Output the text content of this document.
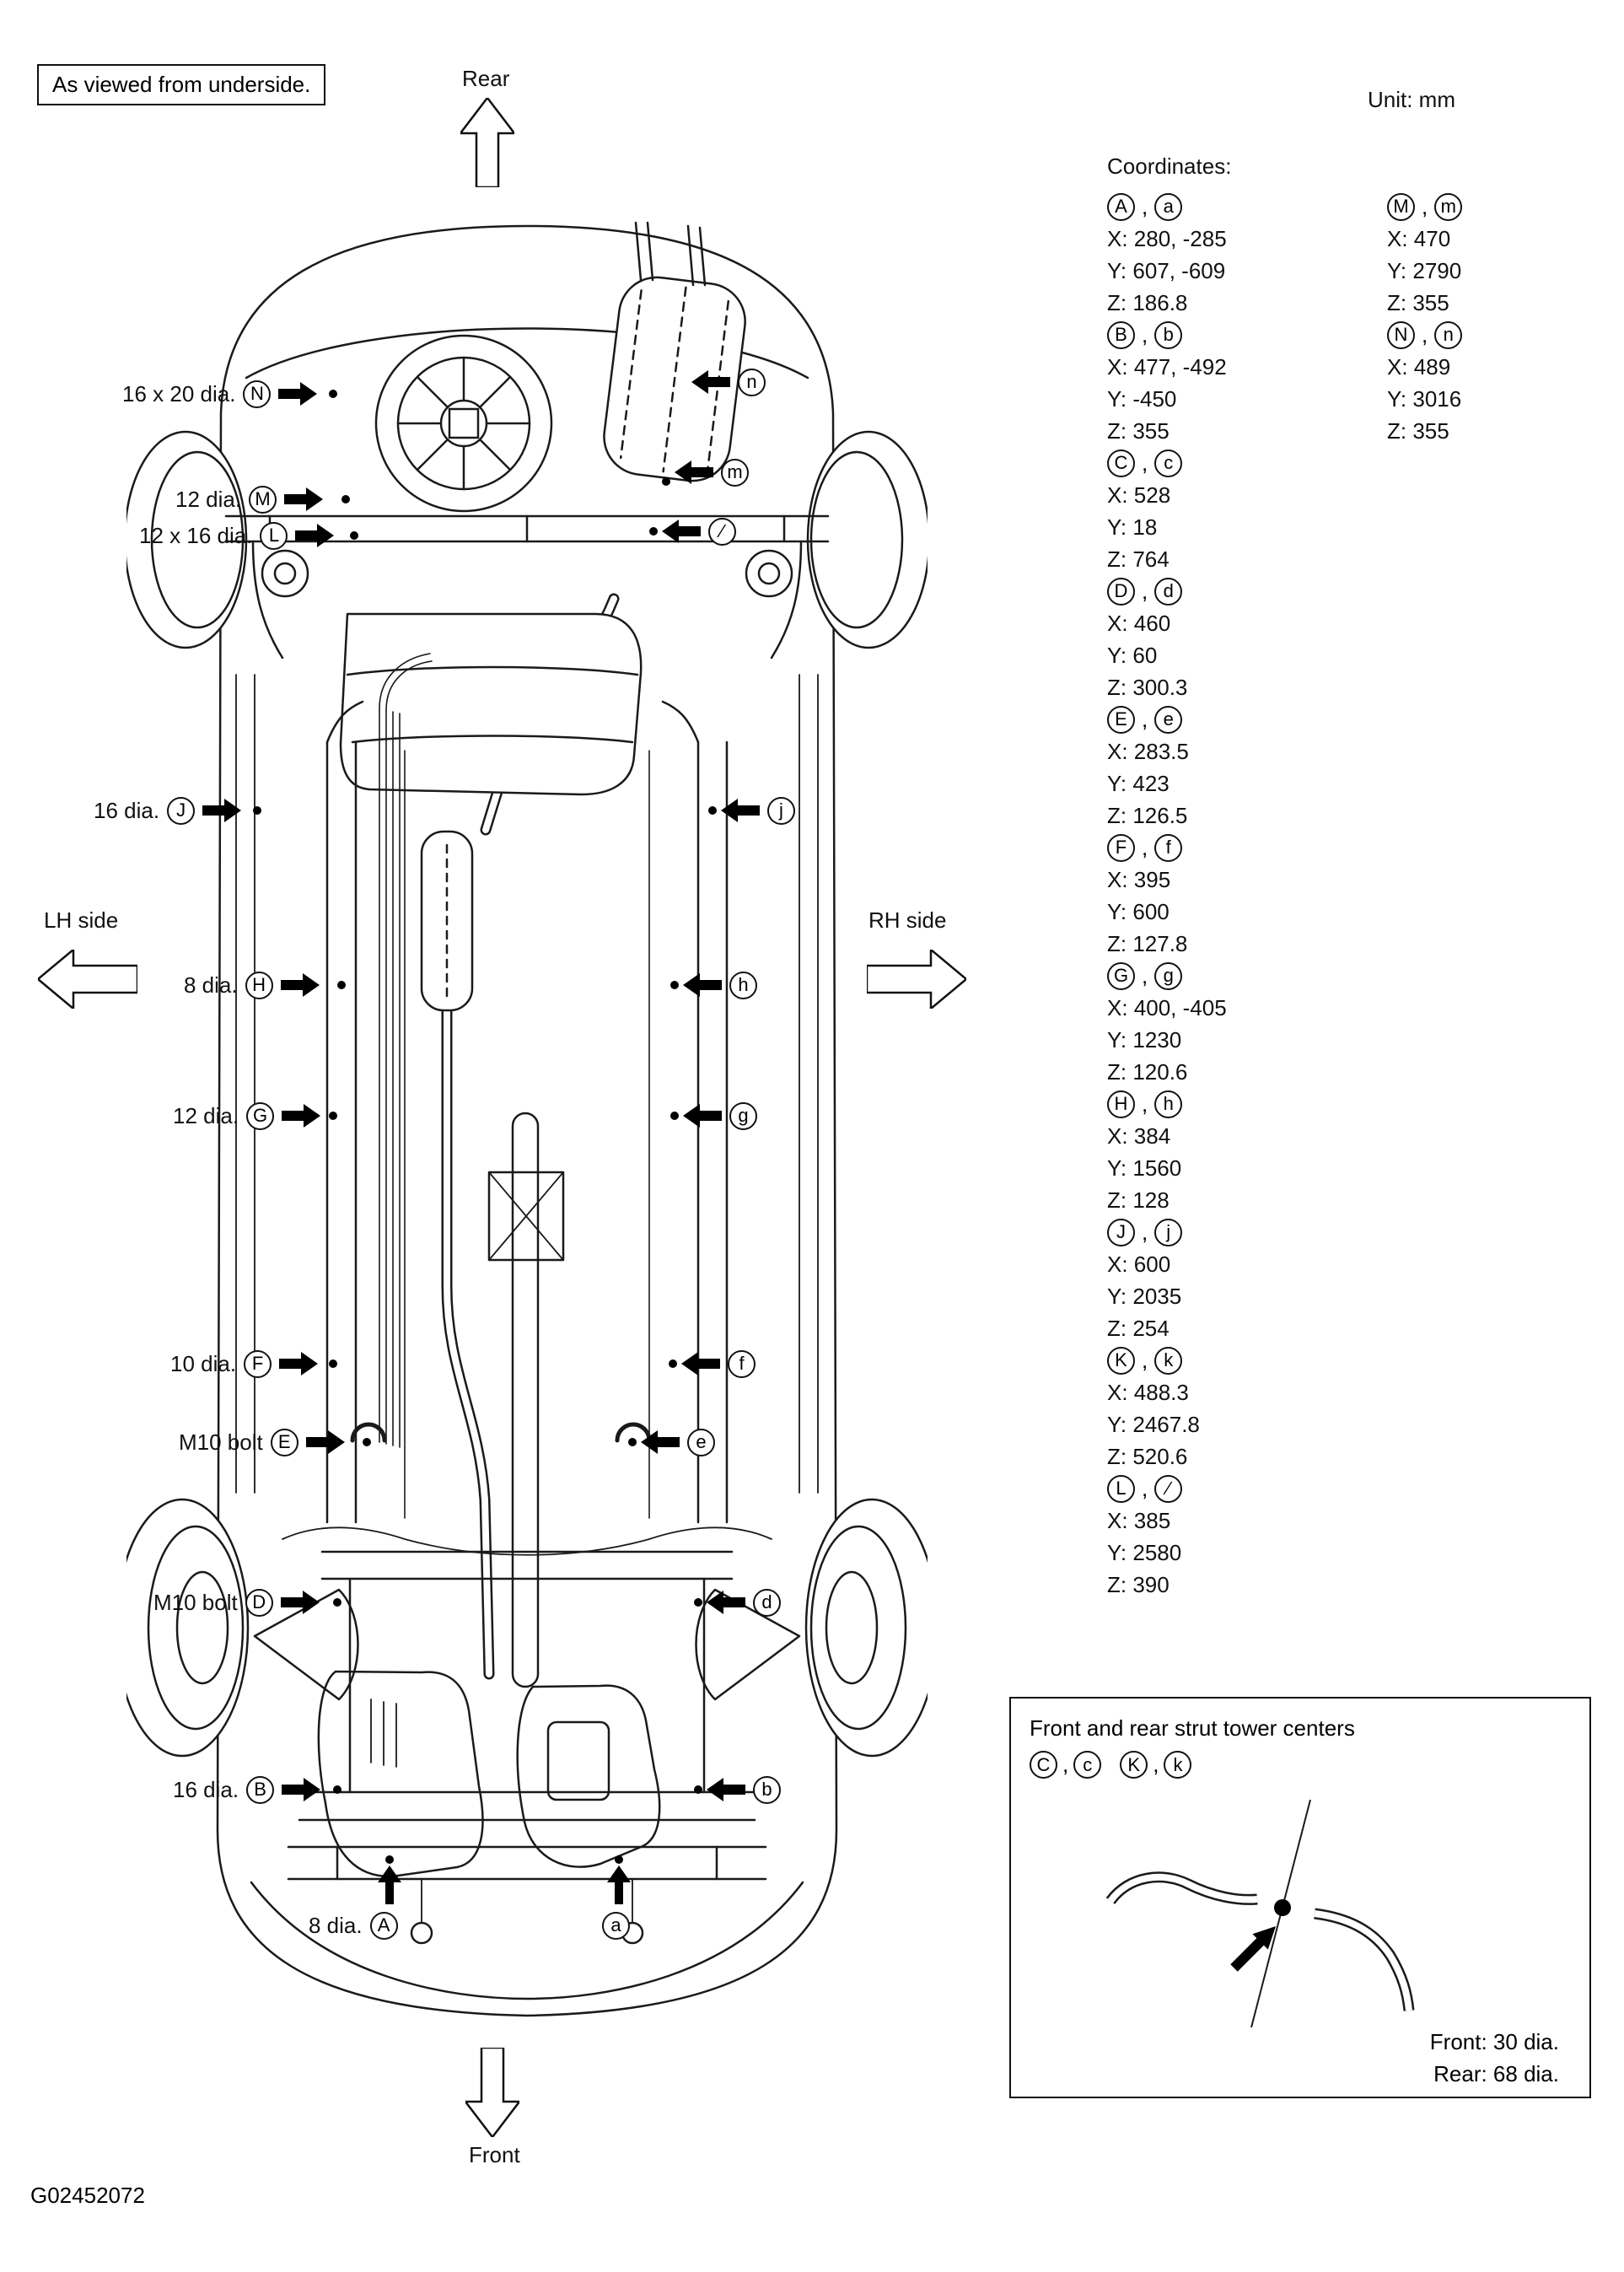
As viewed from underside.
Unit: mm
Rear
Front
LH side	RH side
16 x 20 dia. N
12 dia. M
12 x 16 dia. L
16 dia. J
8 dia. H
12 dia. G
10 dia. F
M10 bolt E
M10 bolt D
16 dia. B
8 dia. A
n
m
∕
j
h
g
f
e
d
b
a
Coordinates:
A , a
X: 280, -285
Y: 607, -609
Z: 186.8
B , b
X: 477, -492
Y: -450
Z: 355
C , c
X: 528
Y: 18
Z: 764
D , d
X: 460
Y: 60
Z: 300.3
E , e
X: 283.5
Y: 423
Z: 126.5
F , f
X: 395
Y: 600
Z: 127.8
G , g
X: 400, -405
Y: 1230
Z: 120.6
H , h
X: 384
Y: 1560
Z: 128
J ,	j
X: 600
Y: 2035
Z: 254
K , k
X: 488.3
Y: 2467.8
Z: 520.6
L ,	∕
X: 385
Y: 2580
Z: 390
M , m
X: 470
Y: 2790
Z: 355
N , n
X: 489
Y: 3016
Z: 355
Front and rear strut tower centers
C , c	K , k
Front: 30 dia.
Rear: 68 dia.
G02452072
